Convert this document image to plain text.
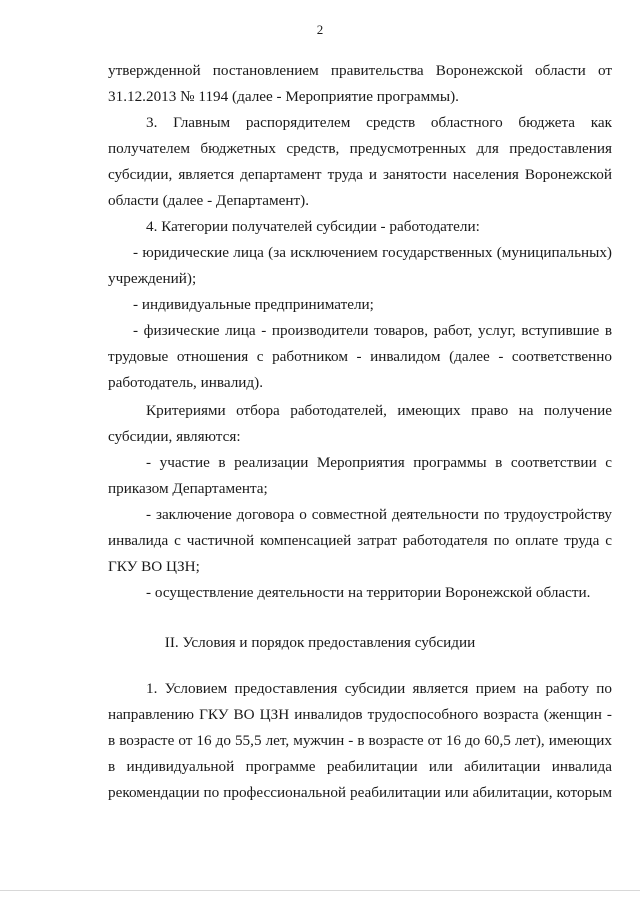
2
утвержденной постановлением правительства Воронежской области от
31.12.2013 № 1194 (далее - Мероприятие программы).
3. Главным распорядителем средств областного бюджета как
получателем бюджетных средств, предусмотренных для предоставления
субсидии, является департамент труда и занятости населения Воронежской
области (далее - Департамент).
4. Категории получателей субсидии - работодатели:
- юридические лица (за исключением государственных (муниципальных)
учреждений);
- индивидуальные предприниматели;
- физические лица - производители товаров, работ, услуг, вступившие в
трудовые отношения с работником - инвалидом (далее - соответственно
работодатель, инвалид).
Критериями отбора работодателей, имеющих право на получение
субсидии, являются:
- участие в реализации Мероприятия программы в соответствии с
приказом Департамента;
- заключение договора о совместной деятельности по трудоустройству
инвалида с частичной компенсацией затрат работодателя по оплате труда с
ГКУ ВО ЦЗН;
- осуществление деятельности на территории Воронежской области.
II. Условия и порядок предоставления субсидии
1. Условием предоставления субсидии является прием на работу по
направлению ГКУ ВО ЦЗН инвалидов трудоспособного возраста (женщин -
в возрасте от 16 до 55,5 лет, мужчин - в возрасте от 16 до 60,5 лет), имеющих
в индивидуальной программе реабилитации или абилитации инвалида
рекомендации по профессиональной реабилитации или абилитации, которым
